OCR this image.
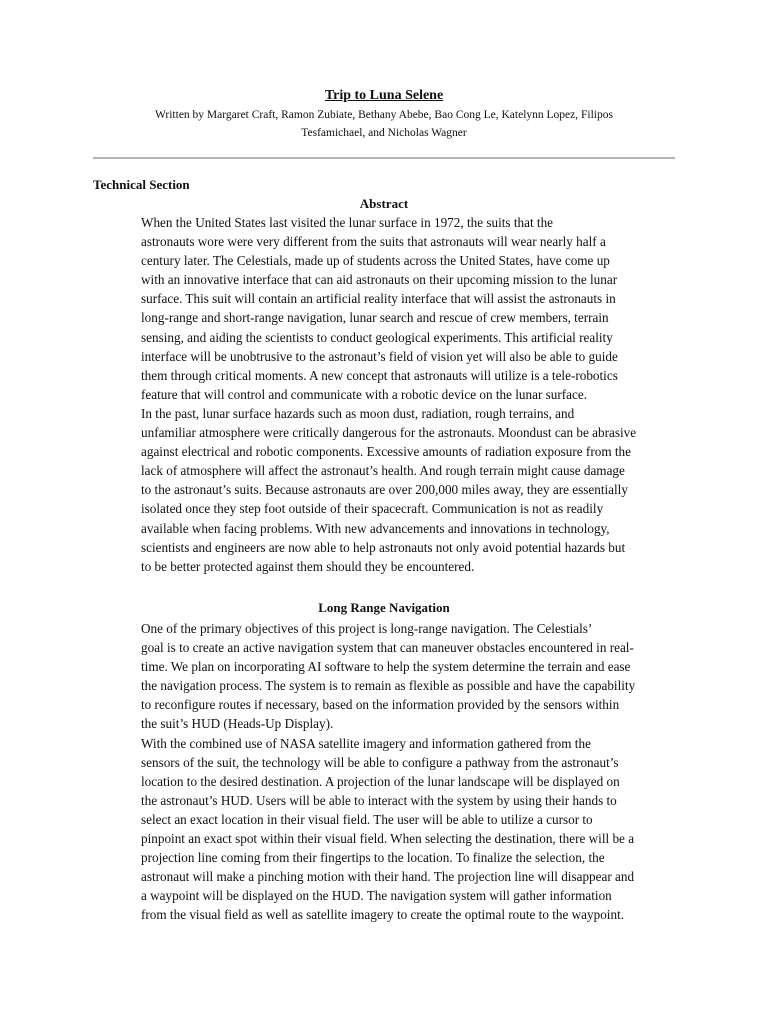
Trip to Luna Selene
Written by Margaret Craft, Ramon Zubiate, Bethany Abebe, Bao Cong Le, Katelynn Lopez, Filipos
Tesfamichael, and Nicholas Wagner
Technical Section
Abstract

When the United States last visited the lunar surface in 1972, the suits that the
astronauts wore were very different from the suits that astronauts will wear nearly half a
century later. The Celestials, made up of students across the United States, have come up
with an innovative interface that can aid astronauts on their upcoming mission to the lunar
surface. This suit will contain an artificial reality interface that will assist the astronauts in
long-range and short-range navigation, lunar search and rescue of crew members, terrain
sensing, and aiding the scientists to conduct geological experiments. This artificial reality
interface will be unobtrusive to the astronaut’s field of vision yet will also be able to guide
them through critical moments. A new concept that astronauts will utilize is a tele-robotics
feature that will control and communicate with a robotic device on the lunar surface.

In the past, lunar surface hazards such as moon dust, radiation, rough terrains, and
unfamiliar atmosphere were critically dangerous for the astronauts. Moondust can be abrasive
against electrical and robotic components. Excessive amounts of radiation exposure from the
lack of atmosphere will affect the astronaut’s health. And rough terrain might cause damage
to the astronaut’s suits. Because astronauts are over 200,000 miles away, they are essentially
isolated once they step foot outside of their spacecraft. Communication is not as readily
available when facing problems. With new advancements and innovations in technology,
scientists and engineers are now able to help astronauts not only avoid potential hazards but
to be better protected against them should they be encountered.

Long Range Navigation

One of the primary objectives of this project is long-range navigation. The Celestials’
goal is to create an active navigation system that can maneuver obstacles encountered in real-
time. We plan on incorporating AI software to help the system determine the terrain and ease
the navigation process. The system is to remain as flexible as possible and have the capability
to reconfigure routes if necessary, based on the information provided by the sensors within
the suit’s HUD (Heads-Up Display).

With the combined use of NASA satellite imagery and information gathered from the
sensors of the suit, the technology will be able to configure a pathway from the astronaut’s
location to the desired destination. A projection of the lunar landscape will be displayed on
the astronaut’s HUD. Users will be able to interact with the system by using their hands to
select an exact location in their visual field. The user will be able to utilize a cursor to
pinpoint an exact spot within their visual field. When selecting the destination, there will be a
projection line coming from their fingertips to the location. To finalize the selection, the
astronaut will make a pinching motion with their hand. The projection line will disappear and
a waypoint will be displayed on the HUD. The navigation system will gather information
from the visual field as well as satellite imagery to create the optimal route to the waypoint.
